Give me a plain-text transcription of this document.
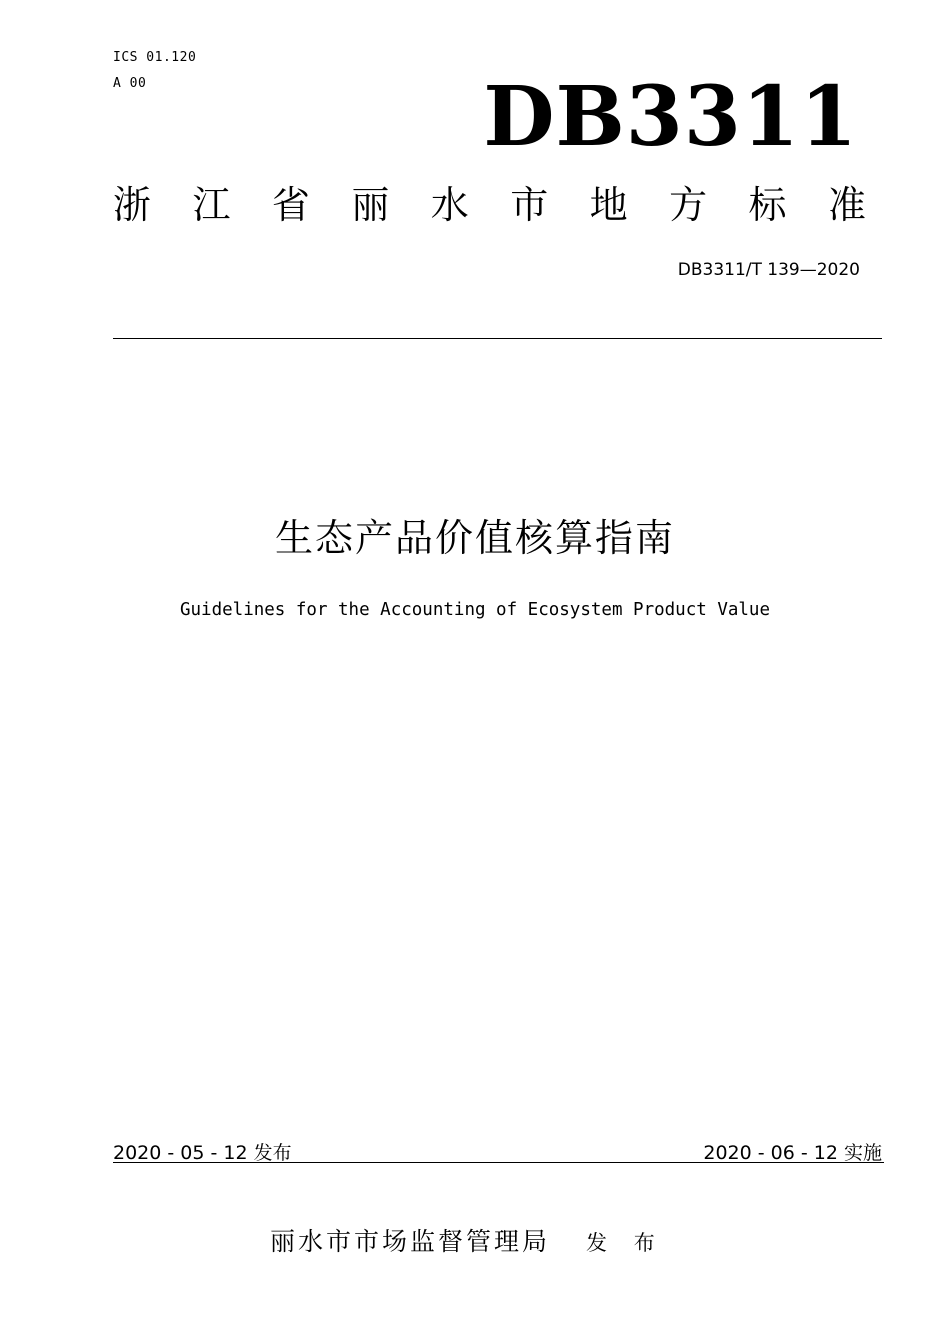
ICS 01.120
A 00	DB3311
浙 江 省 丽 水 市 地 方 标 准
DB3311/T 139—2020
生态产品价值核算指南
Guidelines for the Accounting of Ecosystem Product Value
2020 - 05 - 12 发布	2020 - 06 - 12 实施
丽水市市场监督管理局 发 布
